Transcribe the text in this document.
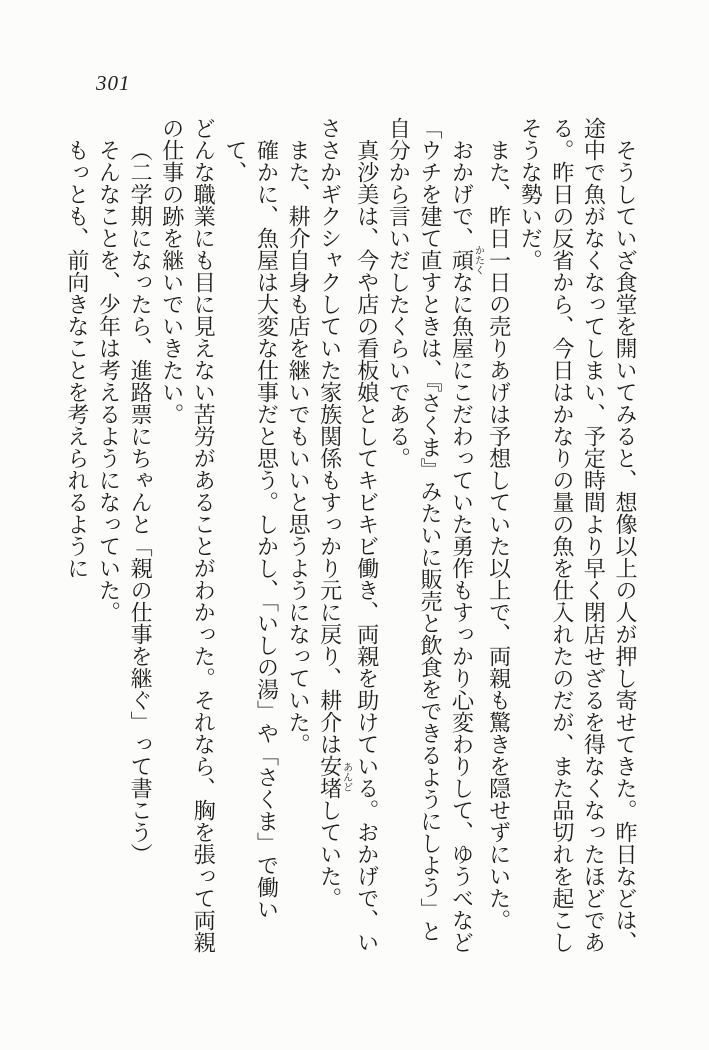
301
そうしていざ食堂を開いてみると、想像以上の人が押し寄せてきた。昨日などは、
途中で魚がなくなってしまい、予定時間より早く閉店せざるを得なくなったほどであ
る。昨日の反省から、今日はかなりの量の魚を仕入れたのだが、また品切れを起こし
そうな勢いだ。
また、昨日一日の売りあげは予想していた以上で、両親も驚きを隠せずにいた。
おかげで、頑かたくなに魚屋にこだわっていた勇作もすっかり心変わりして、ゆうべなど
「ウチを建て直すときは、『さくま』みたいに販売と飲食をできるようにしよう」と
自分から言いだしたくらいである。
真沙美は、今や店の看板娘としてキビキビ働き、両親を助けている。おかげで、い
ささかギクシャクしていた家族関係もすっかり元に戻り、耕介は安堵あんどしていた。
また、耕介自身も店を継いでもいいと思うようになっていた。
確かに、魚屋は大変な仕事だと思う。しかし、「いしの湯」や「さくま」で働いて、
どんな職業にも目に見えない苦労があることがわかった。それなら、胸を張って両親
の仕事の跡を継いでいきたい。
（二学期になったら、進路票にちゃんと「親の仕事を継ぐ」って書こう）
そんなことを、少年は考えるようになっていた。
もっとも、前向きなことを考えられるように
